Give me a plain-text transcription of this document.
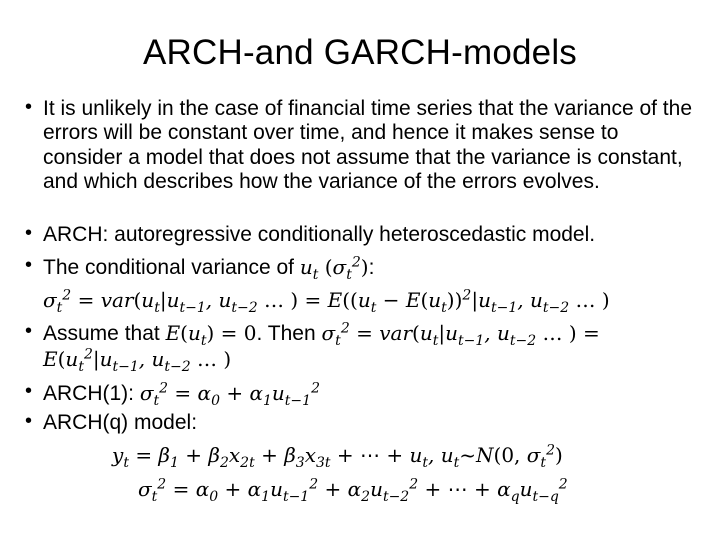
ARCH-and GARCH-models
• It is unlikely in the case of financial time series that the variance of the errors will be constant over time, and hence it makes sense to consider a model that does not assume that the variance is constant, and which describes how the variance of the errors evolves.
• ARCH: autoregressive conditionally heteroscedastic model.
• The conditional variance of $u_t$ $(\sigma_t^2)$:
$\sigma_t^2 = var(u_t|u_{t-1}$, $u_{t-2}$ … ) = $E((u_t - E(u_t))^2|u_{t-1}$, $u_{t-2}$ … )
• Assume that $E(u_t) = 0$. Then $\sigma_t^2 = var(u_t|u_{t-1}$, $u_{t-2}$ … ) =
$E(u_t^2|u_{t-1}$, $u_{t-2}$ … )
• ARCH(1): $\sigma_t^2 = \alpha_0 + \alpha_1u_{t-1}^2$
• ARCH(q) model:
$y_t = \beta_1 + \beta_2x_{2t} + \beta_3x_{3t}$ + ⋯ + $u_t$, $u_t\sim N(0$, $\sigma_t^2$)
$\sigma_t^2 = \alpha_0 + \alpha_1u_{t-1}^2 + \alpha_2u_{t-2}^2$ + ⋯ + $\alpha_qu_{t-q}^2$
